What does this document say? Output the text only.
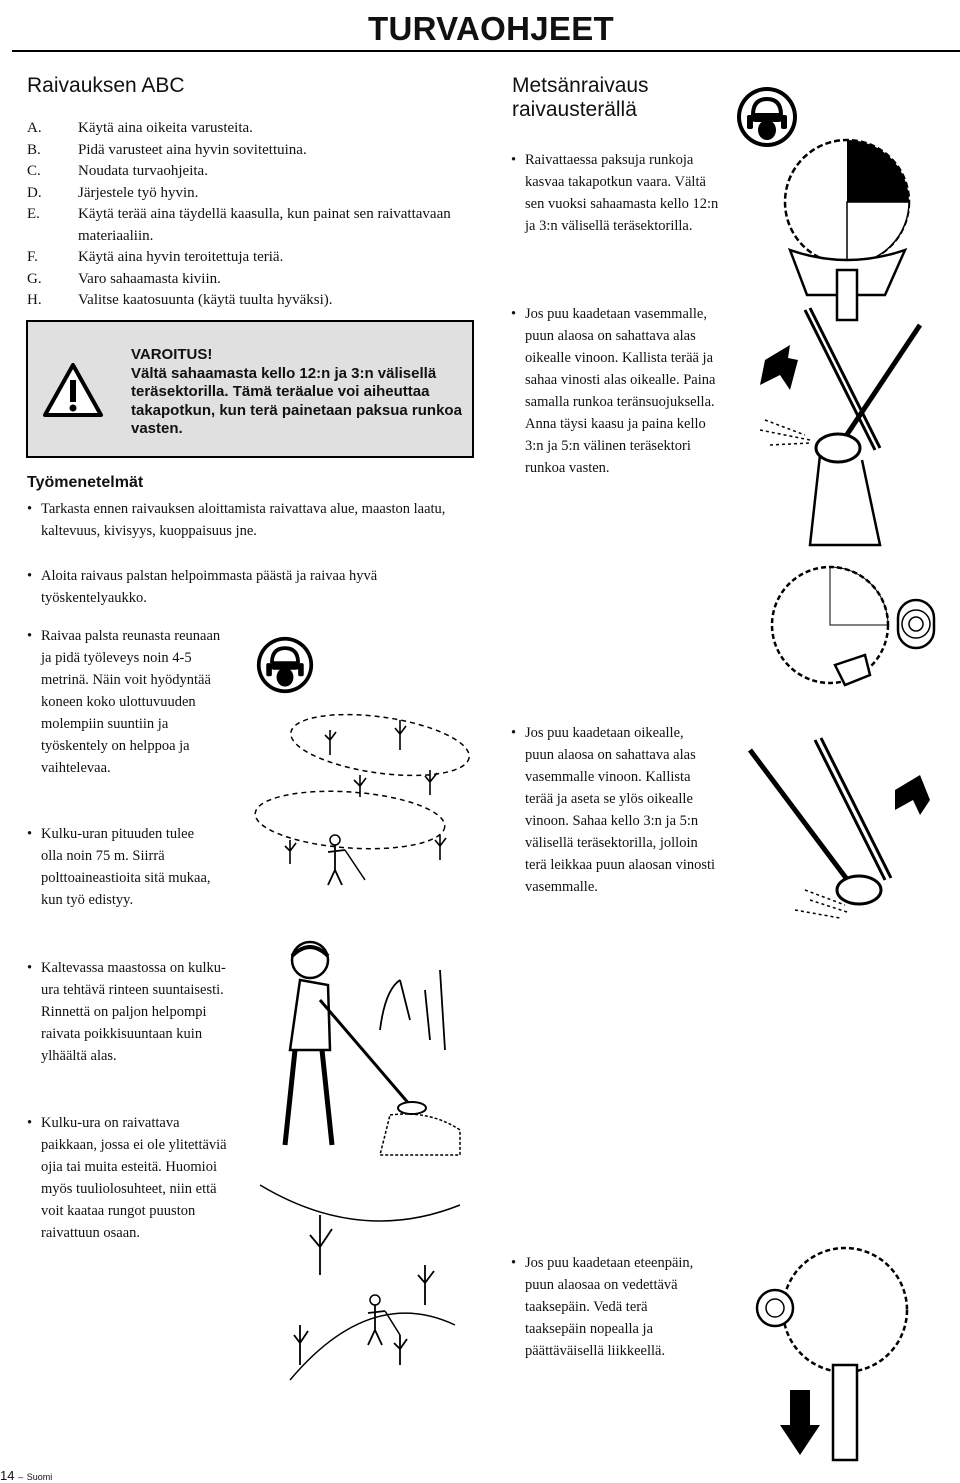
TURVAOHJEET
Raivauksen ABC
A.	Käytä aina oikeita varusteita.
B.	Pidä varusteet aina hyvin sovitettuina.
C.	Noudata turvaohjeita.
D.	Järjestele työ hyvin.
E.	Käytä terää aina täydellä kaasulla, kun painat sen raivattavaan materiaaliin.
F.	Käytä aina hyvin teroitettuja teriä.
G.	Varo sahaamasta kiviin.
H.	Valitse kaatosuunta (käytä tuulta hyväksi).
VAROITUS!
Vältä sahaamasta kello 12:n ja 3:n välisellä teräsektorilla. Tämä teräalue voi aiheuttaa takapotkun, kun terä painetaan paksua runkoa vasten.
Työmenetelmät
• Tarkasta ennen raivauksen aloittamista raivattava alue, maaston laatu, kaltevuus, kivisyys, kuoppaisuus jne.
• Aloita raivaus palstan helpoimmasta päästä ja raivaa hyvä työskentelyaukko.
• Raivaa palsta reunasta reunaan ja pidä työleveys noin 4-5 metrinä. Näin voit hyödyntää koneen koko ulottuvuuden molempiin suuntiin ja työskentely on helppoa ja vaihtelevaa.
• Kulku-uran pituuden tulee olla noin 75 m. Siirrä polttoaineastioita sitä mukaa, kun työ edistyy.
• Kaltevassa maastossa on kulku-ura tehtävä rinteen suuntaisesti. Rinnettä on paljon helpompi raivata poikkisuuntaan kuin ylhäältä alas.
• Kulku-ura on raivattava paikkaan, jossa ei ole ylitettäviä ojia tai muita esteitä. Huomioi myös tuuliolosuhteet, niin että voit kaataa rungot puuston raivattuun osaan.
Metsänraivaus raivausterällä
• Raivattaessa paksuja runkoja kasvaa takapotkun vaara. Vältä sen vuoksi sahaamasta kello 12:n ja 3:n välisellä teräsektorilla.
• Jos puu kaadetaan vasemmalle, puun alaosa on sahattava alas oikealle vinoon. Kallista terää ja sahaa vinosti alas oikealle. Paina samalla runkoa teränsuojuksella. Anna täysi kaasu ja paina kello 3:n ja 5:n välinen teräsektori runkoa vasten.
• Jos puu kaadetaan oikealle, puun alaosa on sahattava alas vasemmalle vinoon. Kallista terää ja aseta se ylös oikealle vinoon. Sahaa kello 3:n ja 5:n välisellä teräsektorilla, jolloin terä leikkaa puun alaosan vinosti vasemmalle.
• Jos puu kaadetaan eteenpäin, puun alaosaa on vedettävä taaksepäin. Vedä terä taaksepäin nopealla ja päättäväisellä liikkeellä.
14 – Suomi
